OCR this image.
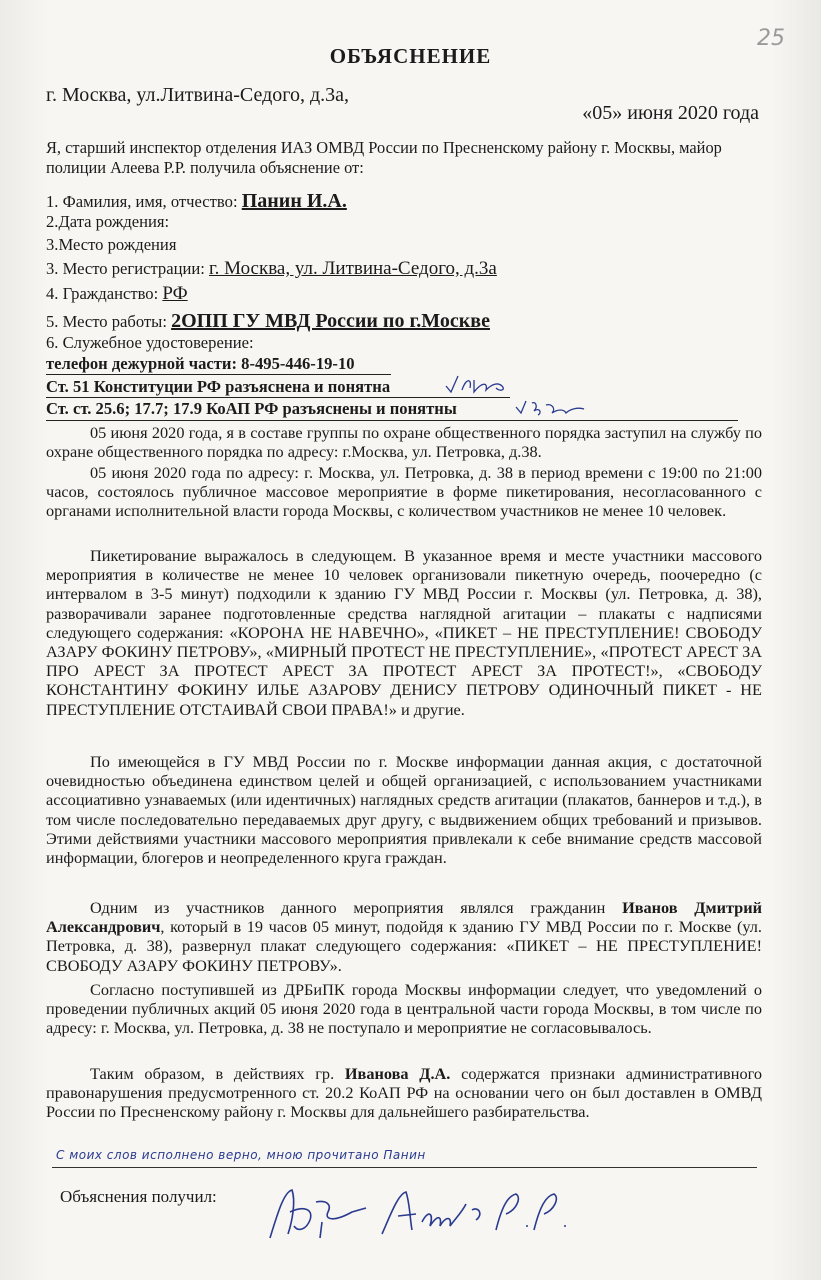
25
ОБЪЯСНЕНИЕ
г. Москва, ул.Литвина-Седого, д.3а,
«05» июня 2020 года
Я, старший инспектор отделения ИАЗ ОМВД России по Пресненскому району г. Москвы, майор полиции Алеева Р.Р. получила объяснение от:
1. Фамилия, имя, отчество: Панин И.А.
2.Дата рождения:
3.Место рождения
3. Место регистрации: г. Москва, ул. Литвина-Седого, д.3а
4. Гражданство: РФ
5. Место работы: 2ОПП ГУ МВД России по г.Москве
6. Служебное удостоверение:
телефон дежурной части: 8-495-446-19-10
Ст. 51 Конституции РФ разъяснена и понятна
Ст. ст. 25.6; 17.7; 17.9 КоАП РФ разъяснены и понятны

05 июня 2020 года, я в составе группы по охране общественного порядка заступил на службу по охране общественного порядка по адресу: г.Москва, ул. Петровка, д.38.

05 июня 2020 года по адресу: г. Москва, ул. Петровка, д. 38 в период времени с 19:00 по 21:00 часов, состоялось публичное массовое мероприятие в форме пикетирования, несогласованного с органами исполнительной власти города Москвы, с количеством участников не менее 10 человек.

Пикетирование выражалось в следующем. В указанное время и месте участники массового мероприятия в количестве не менее 10 человек организовали пикетную очередь, поочередно (с интервалом в 3-5 минут) подходили к зданию ГУ МВД России г. Москвы (ул. Петровка, д. 38), разворачивали заранее подготовленные средства наглядной агитации – плакаты с надписями следующего содержания: «КОРОНА НЕ НАВЕЧНО», «ПИКЕТ – НЕ ПРЕСТУПЛЕНИЕ! СВОБОДУ АЗАРУ ФОКИНУ ПЕТРОВУ», «МИРНЫЙ ПРОТЕСТ НЕ ПРЕСТУПЛЕНИЕ», «ПРОТЕСТ АРЕСТ ЗА ПРО АРЕСТ ЗА ПРОТЕСТ АРЕСТ ЗА ПРОТЕСТ АРЕСТ ЗА ПРОТЕСТ!», «СВОБОДУ КОНСТАНТИНУ ФОКИНУ ИЛЬЕ АЗАРОВУ ДЕНИСУ ПЕТРОВУ ОДИНОЧНЫЙ ПИКЕТ - НЕ ПРЕСТУПЛЕНИЕ ОТСТАИВАЙ СВОИ ПРАВА!» и другие.

По имеющейся в ГУ МВД России по г. Москве информации данная акция, с достаточной очевидностью объединена единством целей и общей организацией, с использованием участниками ассоциативно узнаваемых (или идентичных) наглядных средств агитации (плакатов, баннеров и т.д.), в том числе последовательно передаваемых друг другу, с выдвижением общих требований и призывов. Этими действиями участники массового мероприятия привлекали к себе внимание средств массовой информации, блогеров и неопределенного круга граждан.

Одним из участников данного мероприятия являлся гражданин Иванов Дмитрий Александрович, который в 19 часов 05 минут, подойдя к зданию ГУ МВД России по г. Москве (ул. Петровка, д. 38), развернул плакат следующего содержания: «ПИКЕТ – НЕ ПРЕСТУПЛЕНИЕ! СВОБОДУ АЗАРУ ФОКИНУ ПЕТРОВУ».

Согласно поступившей из ДРБиПК города Москвы информации следует, что уведомлений о проведении публичных акций 05 июня 2020 года в центральной части города Москвы, в том числе по адресу: г. Москва, ул. Петровка, д. 38 не поступало и мероприятие не согласовывалось.

Таким образом, в действиях гр. Иванова Д.А. содержатся признаки административного правонарушения предусмотренного ст. 20.2 КоАП РФ на основании чего он был доставлен в ОМВД России по Пресненскому району г. Москвы для дальнейшего разбирательства.

С моих слов исполнено верно, мною прочитано Панин
Объяснения получил:
